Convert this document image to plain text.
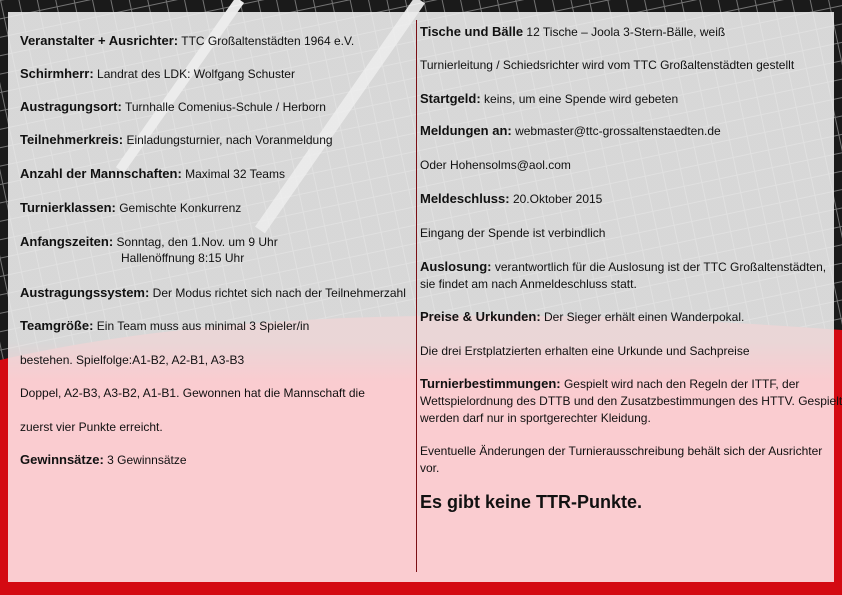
Veranstalter + Ausrichter: TTC Großaltenstädten 1964 e.V.
Schirmherr: Landrat des LDK: Wolfgang Schuster
Austragungsort: Turnhalle Comenius-Schule / Herborn
Teilnehmerkreis: Einladungsturnier, nach Voranmeldung
Anzahl der Mannschaften: Maximal 32 Teams
Turnierklassen: Gemischte Konkurrenz
Anfangszeiten: Sonntag, den 1.Nov. um 9 Uhr
Hallenöffnung 8:15 Uhr
Austragungssystem: Der Modus richtet sich nach der Teilnehmerzahl
Teamgröße: Ein Team muss aus minimal 3 Spieler/in
bestehen. Spielfolge:A1-B2, A2-B1, A3-B3
Doppel, A2-B3, A3-B2, A1-B1. Gewonnen hat die Mannschaft die
zuerst vier Punkte erreicht.
Gewinnsätze: 3 Gewinnsätze
Tische und Bälle 12 Tische – Joola 3-Stern-Bälle, weiß
Turnierleitung / Schiedsrichter wird vom TTC Großaltenstädten gestellt
Startgeld: keins, um eine Spende wird gebeten
Meldungen an: webmaster@ttc-grossaltenstaedten.de
Oder Hohensolms@aol.com
Meldeschluss: 20.Oktober 2015
Eingang der Spende ist verbindlich
Auslosung: verantwortlich für die Auslosung ist der TTC Großaltenstädten,
sie findet am nach Anmeldeschluss statt.
Preise & Urkunden: Der Sieger erhält einen Wanderpokal.
Die drei Erstplatzierten erhalten eine Urkunde und Sachpreise
Turnierbestimmungen: Gespielt wird nach den Regeln der ITTF, der
Wettspielordnung des DTTB und den Zusatzbestimmungen des HTTV. Gespielt
werden darf nur in sportgerechter Kleidung.
Eventuelle Änderungen der Turnierausschreibung behält sich der Ausrichter
vor.
Es gibt keine TTR-Punkte.
